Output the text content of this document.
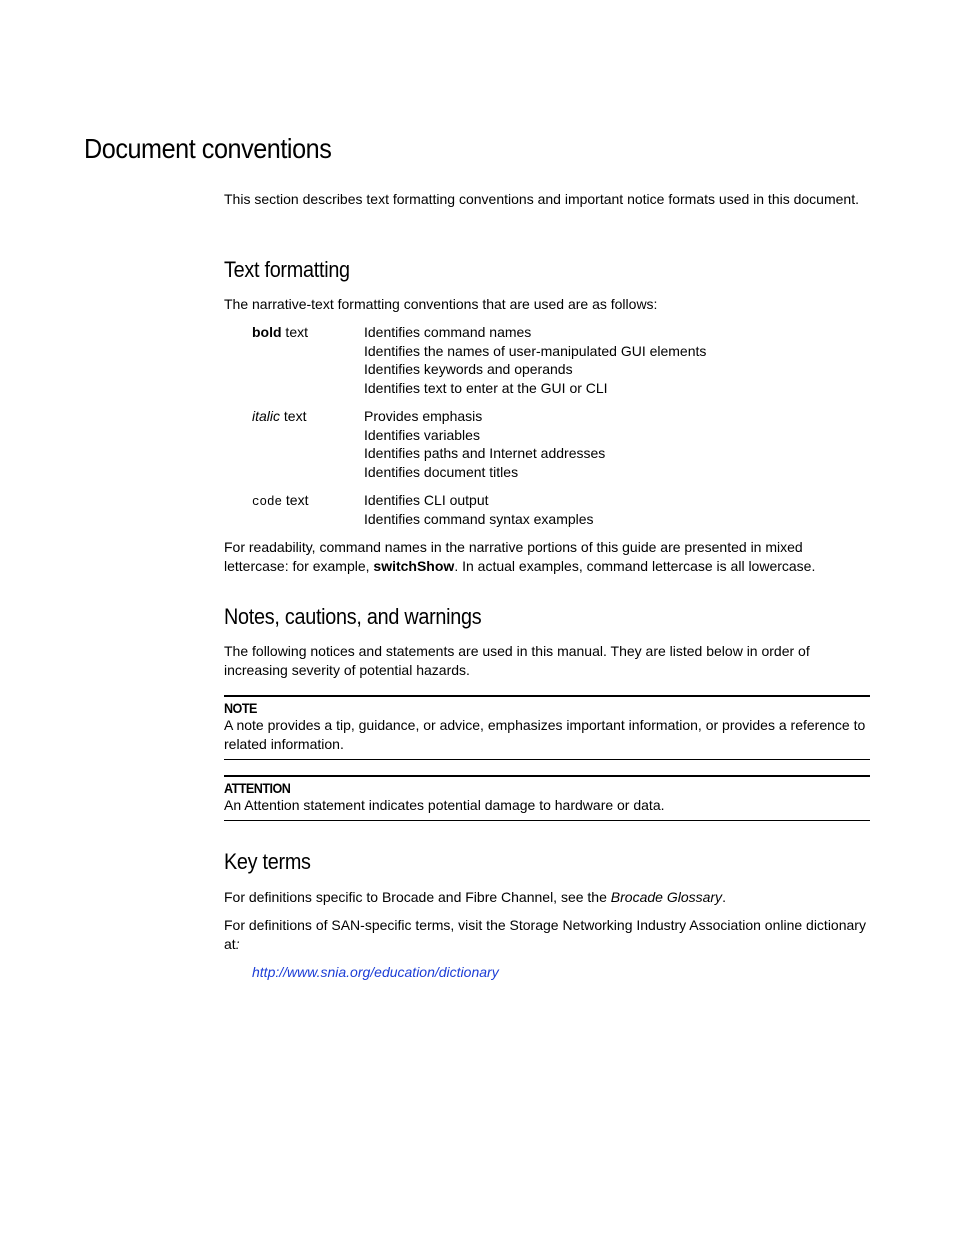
Document conventions

This section describes text formatting conventions and important notice formats used in this document.

Text formatting

The narrative-text formatting conventions that are used are as follows:

bold text	Identifies command names
Identifies the names of user-manipulated GUI elements
Identifies keywords and operands
Identifies text to enter at the GUI or CLI
italic text	Provides emphasis
Identifies variables
Identifies paths and Internet addresses
Identifies document titles
code text	Identifies CLI output
Identifies command syntax examples

For readability, command names in the narrative portions of this guide are presented in mixed lettercase: for example, switchShow. In actual examples, command lettercase is all lowercase.

Notes, cautions, and warnings

The following notices and statements are used in this manual. They are listed below in order of increasing severity of potential hazards.

NOTE

A note provides a tip, guidance, or advice, emphasizes important information, or provides a reference to related information.

ATTENTION

An Attention statement indicates potential damage to hardware or data.

Key terms

For definitions specific to Brocade and Fibre Channel, see the Brocade Glossary.

For definitions of SAN-specific terms, visit the Storage Networking Industry Association online dictionary at:

http://www.snia.org/education/dictionary
